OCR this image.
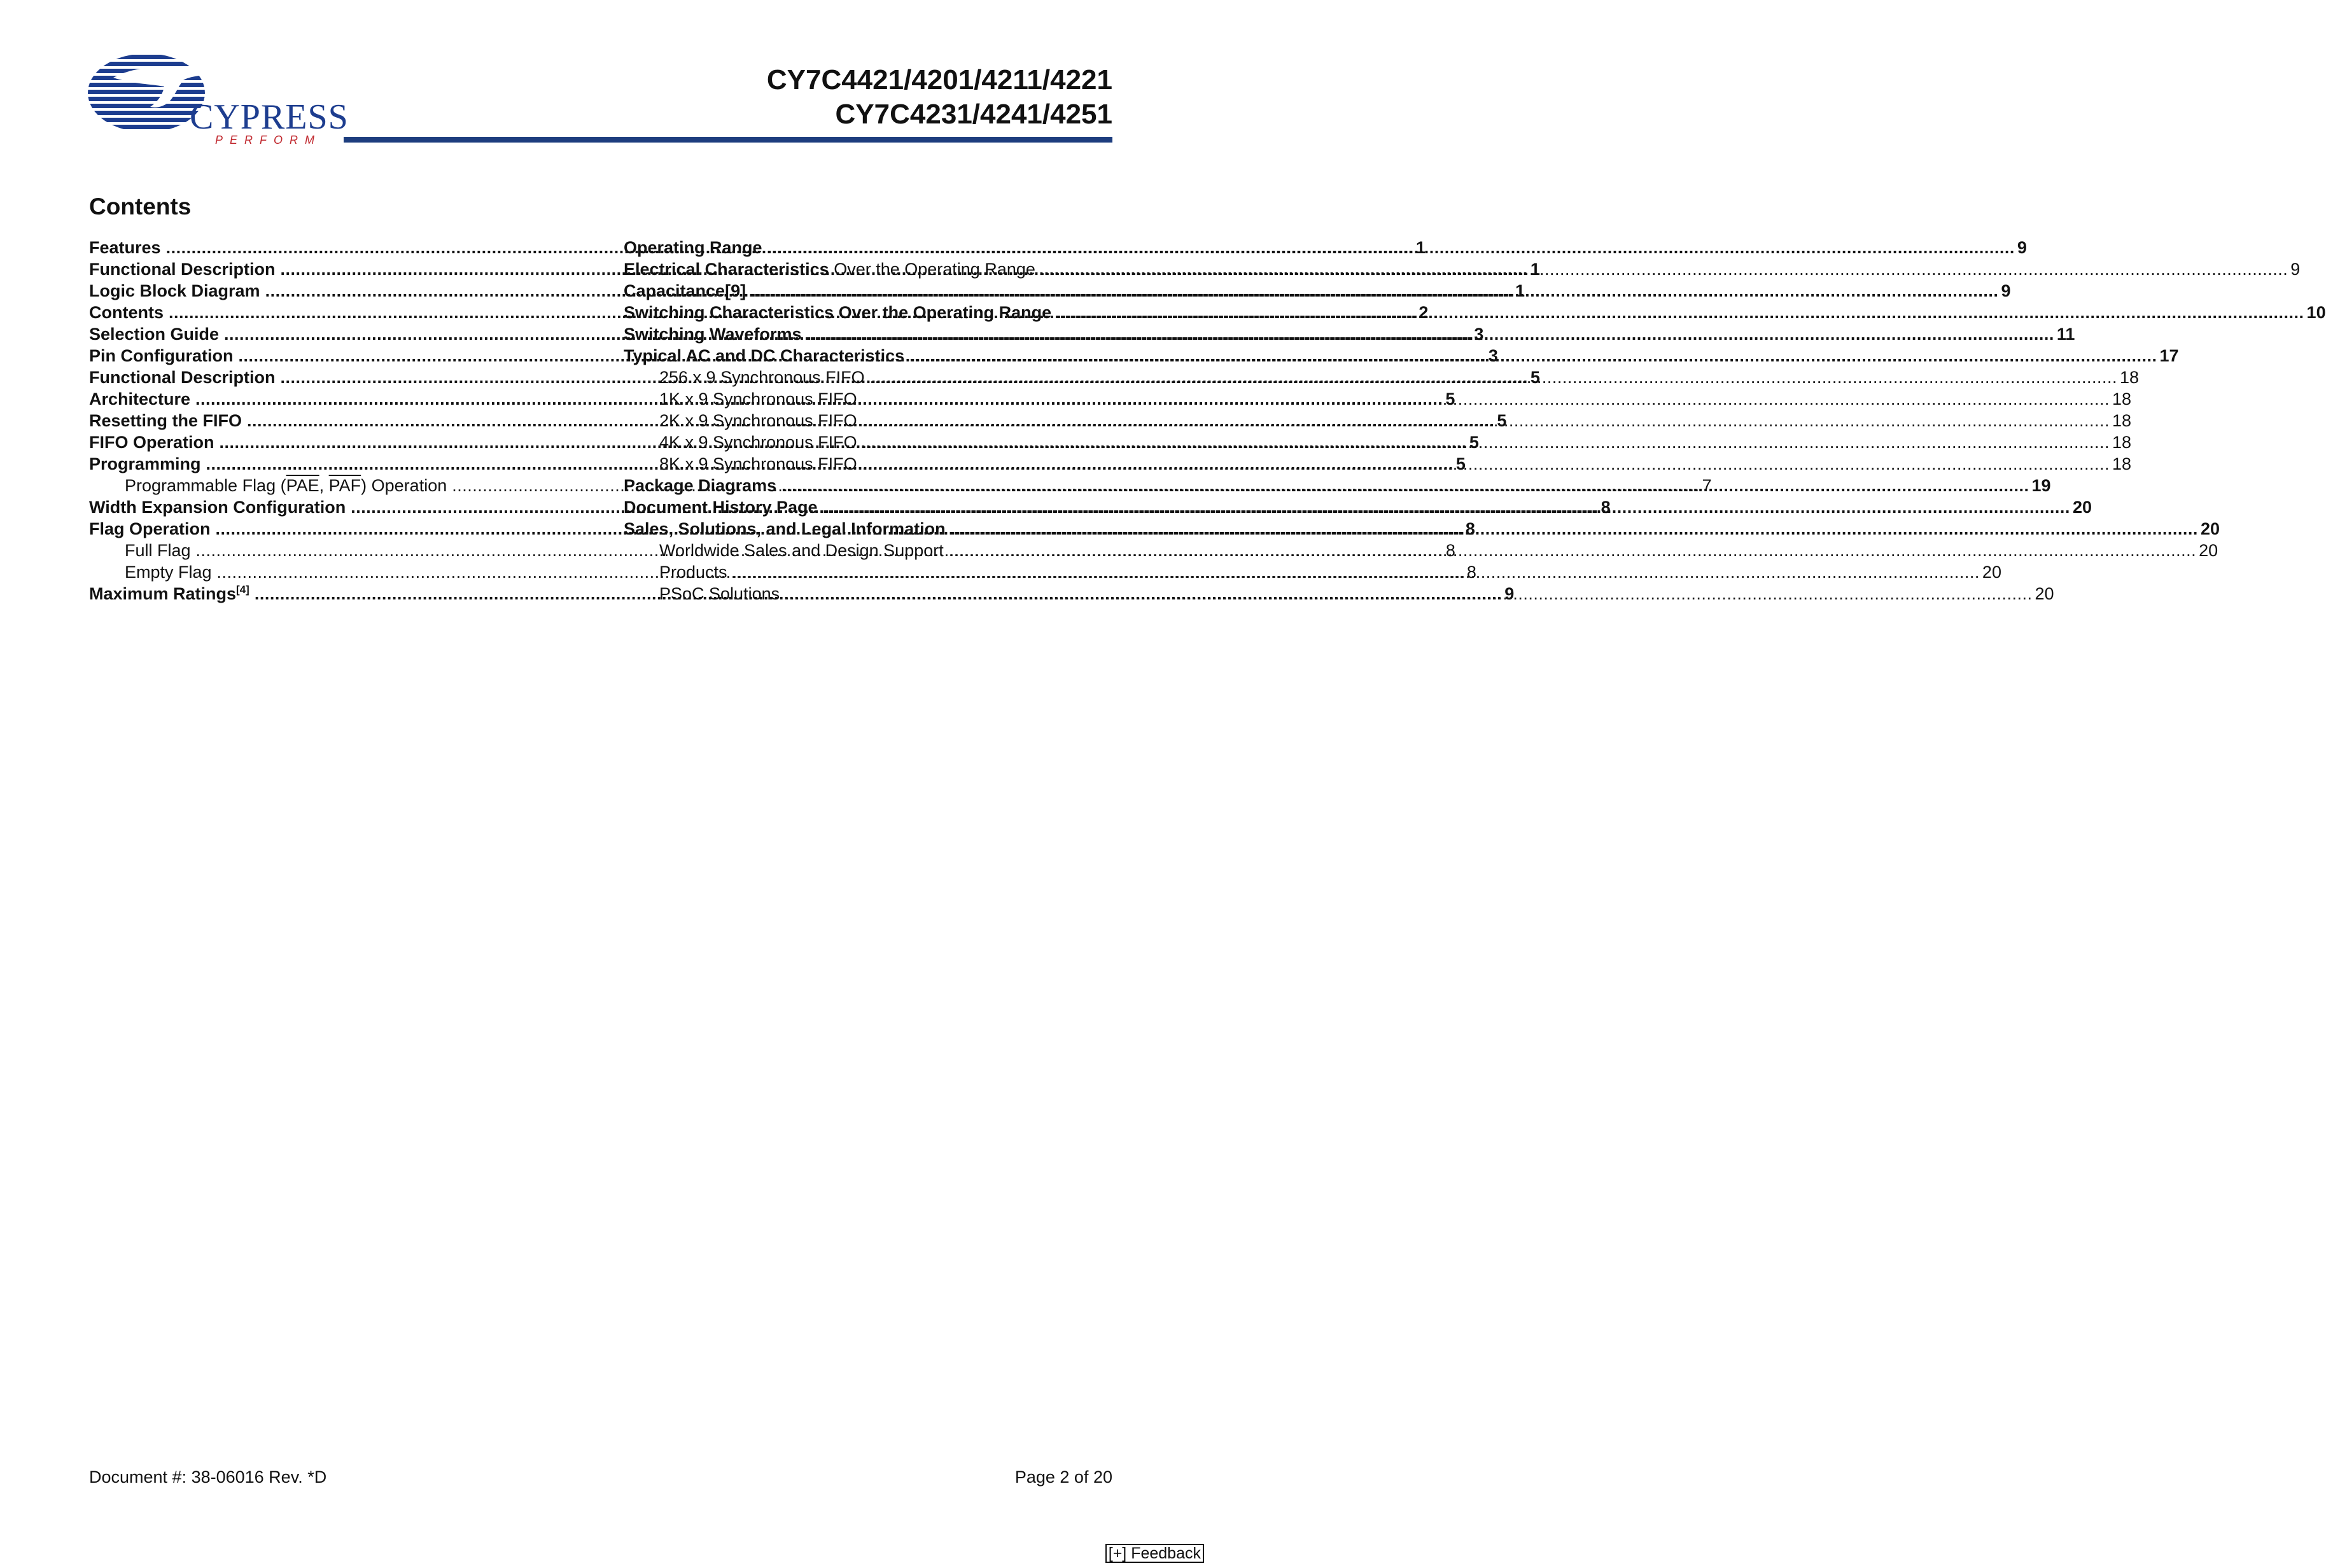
CYPRESS
PERFORM
CY7C4421/4201/4211/4221
CY7C4231/4241/4251
Contents
Features .....	1
Functional Description .....	1
Logic Block Diagram .....	1
Contents .....	2
Selection Guide .....	3
Pin Configuration .....	3
Functional Description .....	5
Architecture .....	5
Resetting the FIFO .....	5
FIFO Operation .....	5
Programming .....	5
Programmable Flag ($\overline{PAE}$, $\overline{PAF}$) Operation .....	7
Width Expansion Configuration .....	8
Flag Operation .....	8
Full Flag .....	8
Empty Flag .....	8
Maximum Ratings[4] .....	9
Operating Range .....	9
Electrical Characteristics Over the Operating Range .....	9
Capacitance[9] .....	9
Switching Characteristics Over the Operating Range .....	10
Switching Waveforms .....	11
Typical AC and DC Characteristics .....	17
256 x 9 Synchronous FIFO .....	18
1K x 9 Synchronous FIFO .....	18
2K x 9 Synchronous FIFO .....	18
4K x 9 Synchronous FIFO .....	18
8K x 9 Synchronous FIFO .....	18
Package Diagrams .....	19
Document History Page .....	20
Sales, Solutions, and Legal Information .....	20
Worldwide Sales and Design Support .....	20
Products .....	20
PSoC Solutions .....	20
Document #: 38-06016 Rev. *D	Page 2 of 20
[+] Feedback
